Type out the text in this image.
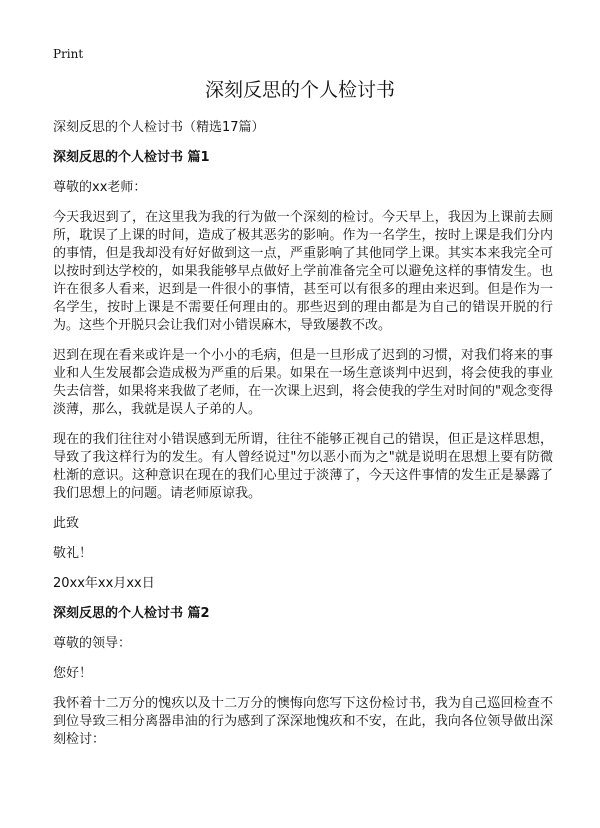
Print
深刻反思的个人检讨书
深刻反思的个人检讨书（精选17篇）
深刻反思的个人检讨书 篇1

尊敬的xx老师：

今天我迟到了，在这里我为我的行为做一个深刻的检讨。今天早上，我因为上课前去厕所，耽误了上课的时间，造成了极其恶劣的影响。作为一名学生，按时上课是我们分内的事情，但是我却没有好好做到这一点，严重影响了其他同学上课。其实本来我完全可以按时到达学校的，如果我能够早点做好上学前准备完全可以避免这样的事情发生。也许在很多人看来，迟到是一件很小的事情，甚至可以有很多的理由来迟到。但是作为一名学生，按时上课是不需要任何理由的。那些迟到的理由都是为自己的错误开脱的行为。这些个开脱只会让我们对小错误麻木，导致屡教不改。

迟到在现在看来或许是一个小小的毛病，但是一旦形成了迟到的习惯，对我们将来的事业和人生发展都会造成极为严重的后果。如果在一场生意谈判中迟到，将会使我的事业失去信誉，如果将来我做了老师，在一次课上迟到，将会使我的学生对时间的"观念变得淡薄，那么，我就是误人子弟的人。

现在的我们往往对小错误感到无所谓，往往不能够正视自己的错误，但正是这样思想，导致了我这样行为的发生。有人曾经说过"勿以恶小而为之"就是说明在思想上要有防微杜渐的意识。这种意识在现在的我们心里过于淡薄了，今天这件事情的发生正是暴露了我们思想上的问题。请老师原谅我。

此致

敬礼！

20xx年xx月xx日

深刻反思的个人检讨书 篇2

尊敬的领导：

您好！

我怀着十二万分的愧疚以及十二万分的懊悔向您写下这份检讨书，我为自己巡回检查不到位导致三相分离器串油的行为感到了深深地愧疚和不安，在此，我向各位领导做出深刻检讨：
